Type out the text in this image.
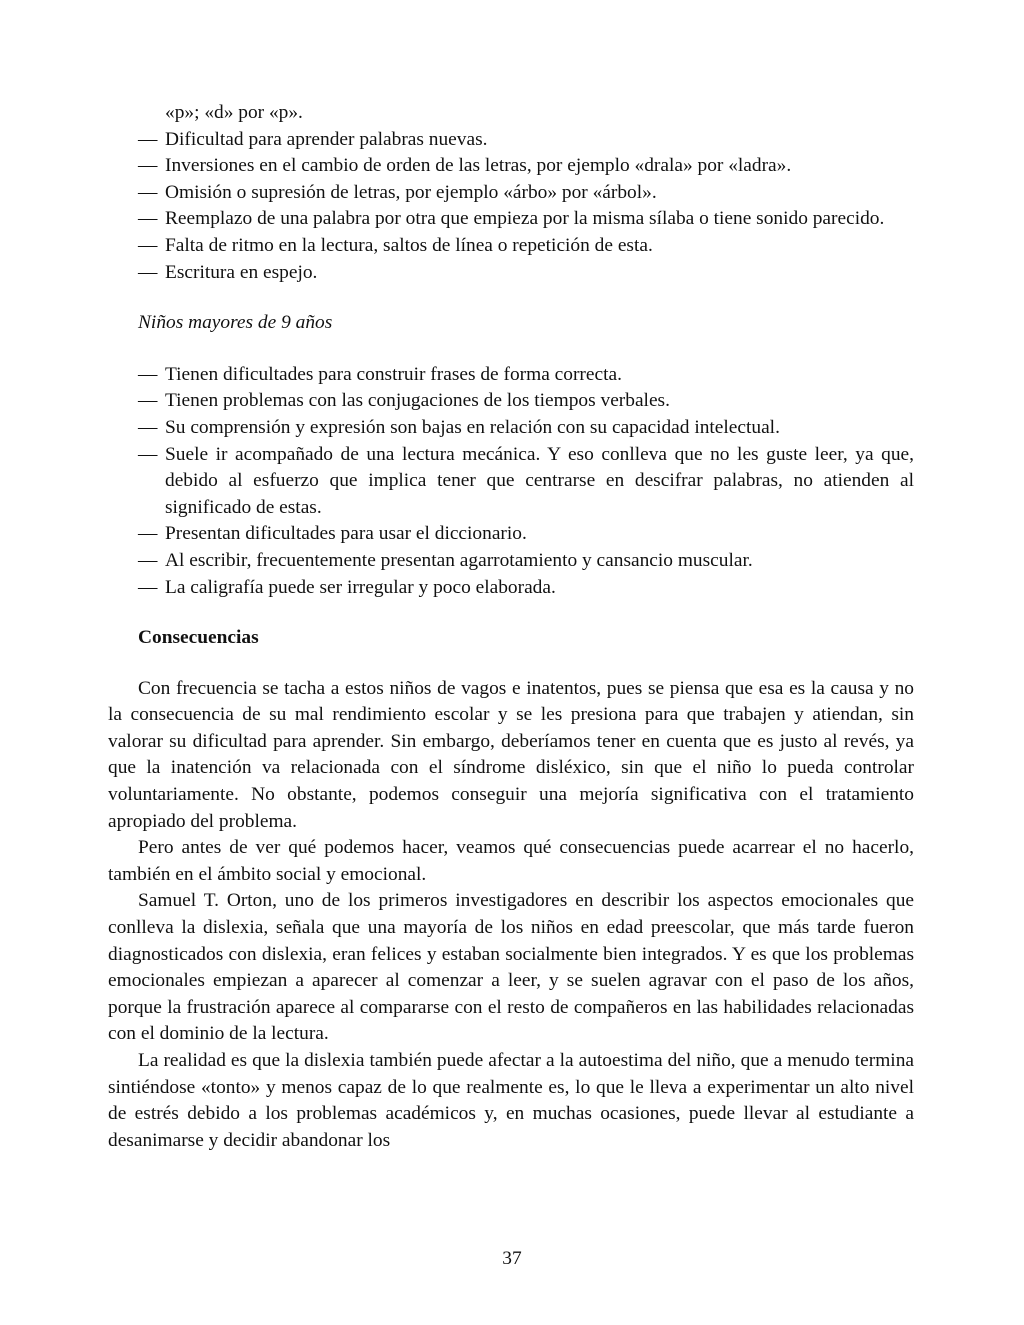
«p»; «d» por «p».
— Dificultad para aprender palabras nuevas.
— Inversiones en el cambio de orden de las letras, por ejemplo «drala» por «ladra».
— Omisión o supresión de letras, por ejemplo «árbo» por «árbol».
— Reemplazo de una palabra por otra que empieza por la misma sílaba o tiene sonido parecido.
— Falta de ritmo en la lectura, saltos de línea o repetición de esta.
— Escritura en espejo.
Niños mayores de 9 años
— Tienen dificultades para construir frases de forma correcta.
— Tienen problemas con las conjugaciones de los tiempos verbales.
— Su comprensión y expresión son bajas en relación con su capacidad intelectual.
— Suele ir acompañado de una lectura mecánica. Y eso conlleva que no les guste leer, ya que, debido al esfuerzo que implica tener que centrarse en descifrar palabras, no atienden al significado de estas.
— Presentan dificultades para usar el diccionario.
— Al escribir, frecuentemente presentan agarrotamiento y cansancio muscular.
— La caligrafía puede ser irregular y poco elaborada.
Consecuencias

Con frecuencia se tacha a estos niños de vagos e inatentos, pues se piensa que esa es la causa y no la consecuencia de su mal rendimiento escolar y se les presiona para que trabajen y atiendan, sin valorar su dificultad para aprender. Sin embargo, deberíamos tener en cuenta que es justo al revés, ya que la inatención va relacionada con el síndrome disléxico, sin que el niño lo pueda controlar voluntariamente. No obstante, podemos conseguir una mejoría significativa con el tratamiento apropiado del problema.

Pero antes de ver qué podemos hacer, veamos qué consecuencias puede acarrear el no hacerlo, también en el ámbito social y emocional.

Samuel T. Orton, uno de los primeros investigadores en describir los aspectos emocionales que conlleva la dislexia, señala que una mayoría de los niños en edad preescolar, que más tarde fueron diagnosticados con dislexia, eran felices y estaban socialmente bien integrados. Y es que los problemas emocionales empiezan a aparecer al comenzar a leer, y se suelen agravar con el paso de los años, porque la frustración aparece al compararse con el resto de compañeros en las habilidades relacionadas con el dominio de la lectura.

La realidad es que la dislexia también puede afectar a la autoestima del niño, que a menudo termina sintiéndose «tonto» y menos capaz de lo que realmente es, lo que le lleva a experimentar un alto nivel de estrés debido a los problemas académicos y, en muchas ocasiones, puede llevar al estudiante a desanimarse y decidir abandonar los

37
